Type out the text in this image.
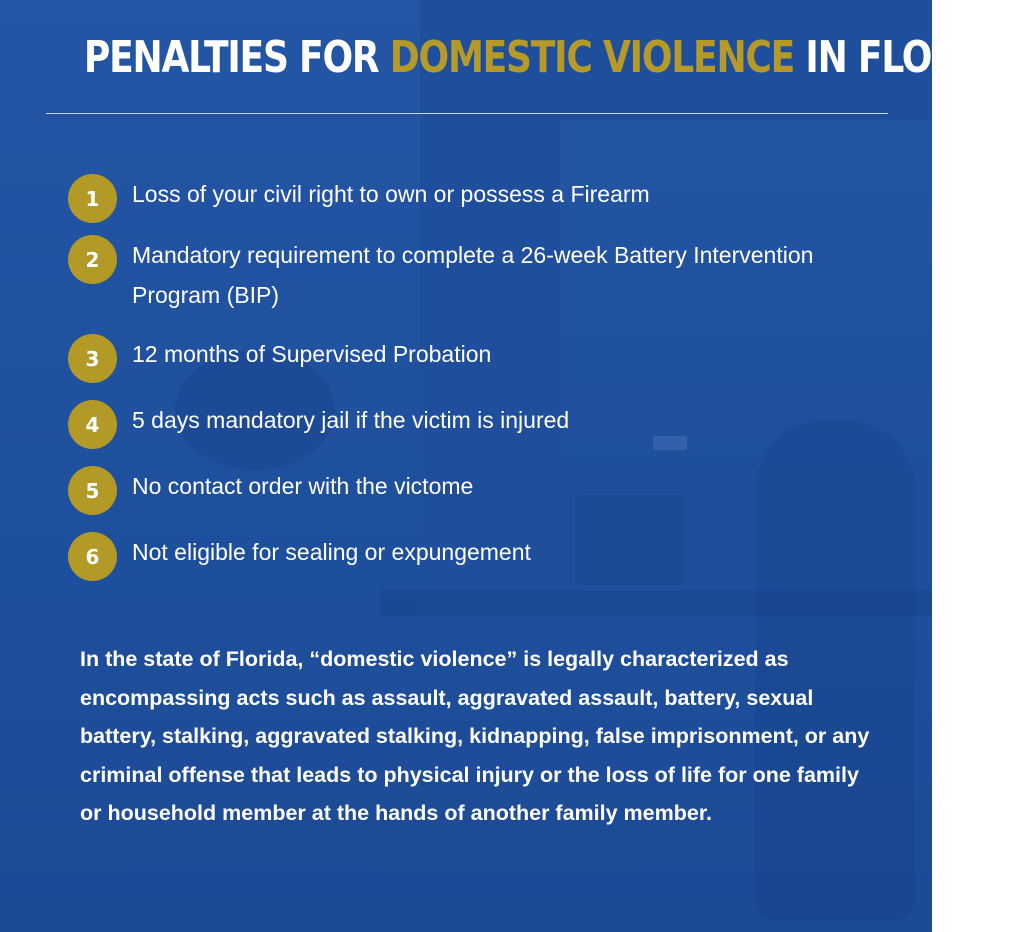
PENALTIES FOR DOMESTIC VIOLENCE IN FLORIDA
1	Loss of your civil right to own or possess a Firearm
2	Mandatory requirement to complete a 26-week Battery Intervention Program (BIP)
3	12 months of Supervised Probation
4	5 days mandatory jail if the victim is injured
5	No contact order with the victome
6	Not eligible for sealing or expungement

In the state of Florida, “domestic violence” is legally characterized as encompassing acts such as assault, aggravated assault, battery, sexual battery, stalking, aggravated stalking, kidnapping, false imprisonment, or any criminal offense that leads to physical injury or the loss of life for one family or household member at the hands of another family member.
